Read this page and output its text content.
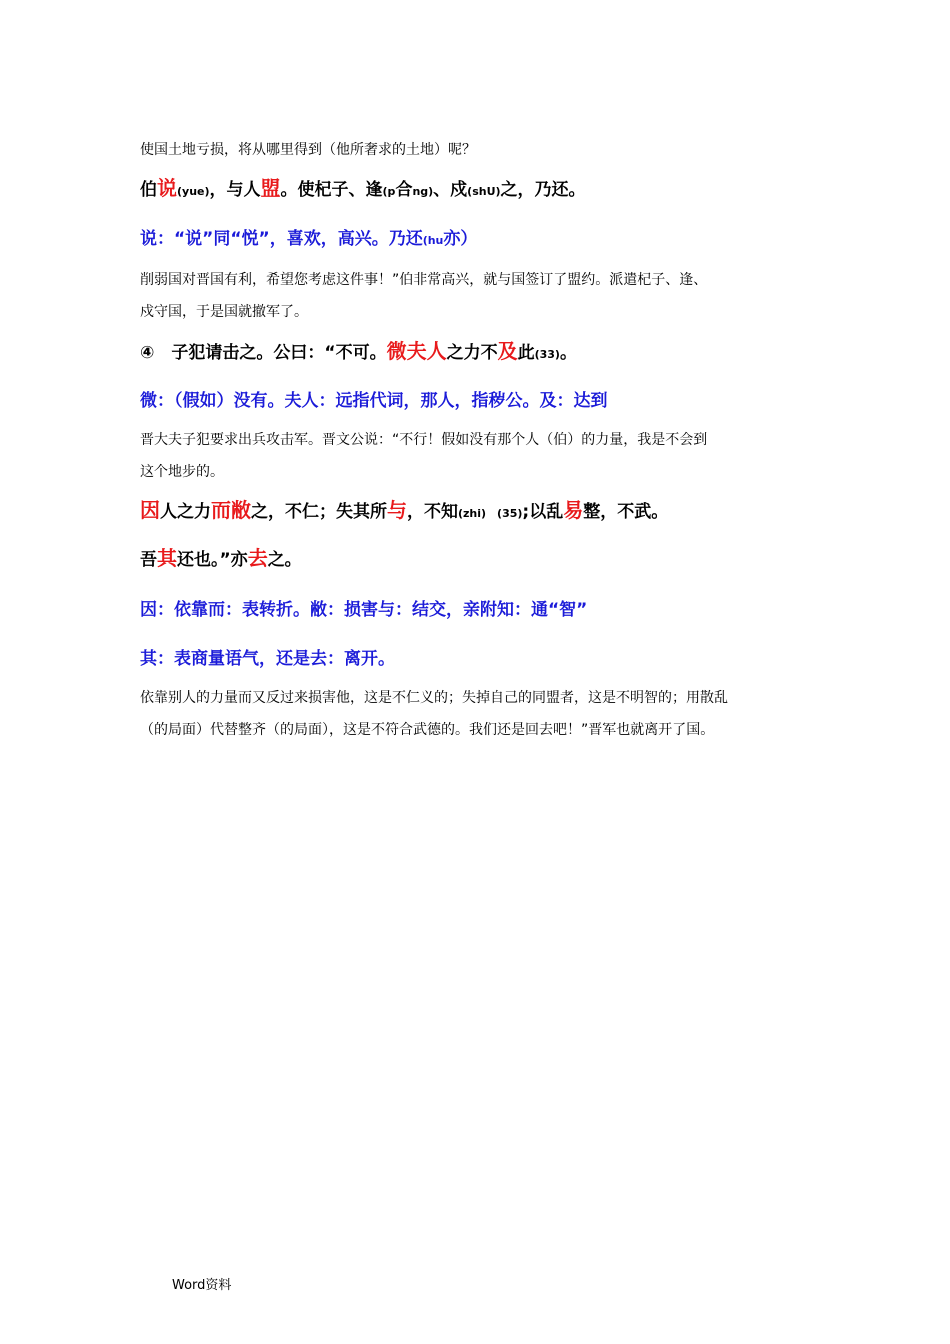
使国土地亏损，将从哪里得到（他所奢求的土地）呢？
伯说(yue)，与人盟。使杞子、逢(p合ng)、戍(shU)之，乃还。
说：“说”同“悦”，喜欢，高兴。乃还(hu亦）
削弱国对晋国有利，希望您考虑这件事！”伯非常高兴，就与国签订了盟约。派遣杞子、逢、
戍守国，于是国就撤军了。
④　子犯请击之。公曰：“不可。微夫人之力不及此(33)。
微：（假如）没有。夫人：远指代词，那人，指秽公。及：达到
晋大夫子犯要求出兵攻击军。晋文公说：“不行！假如没有那个人（伯）的力量，我是不会到
这个地步的。
因人之力而敝之，不仁；失其所与，不知(zhi)　(35);以乱易整，不武。
吾其还也。”亦去之。
因：依靠而：表转折。敝：损害与：结交，亲附知：通“智”
其：表商量语气，还是去：离开。
依靠别人的力量而又反过来损害他，这是不仁义的；失掉自己的同盟者，这是不明智的；用散乱
（的局面）代替整齐（的局面），这是不符合武德的。我们还是回去吧！”晋军也就离开了国。
Word资料
